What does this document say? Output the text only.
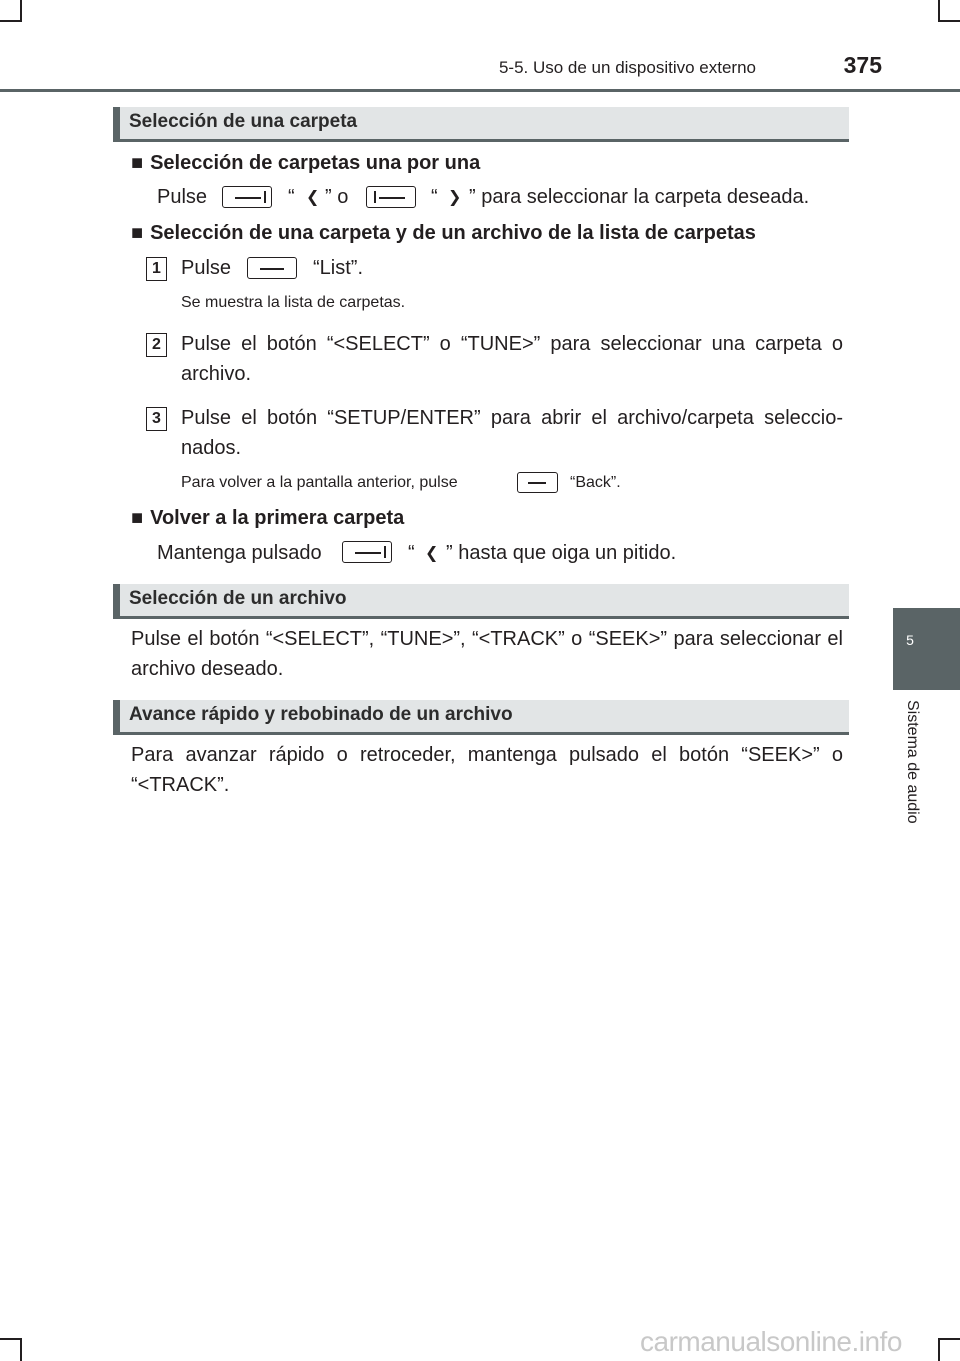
5-5. Uso de un dispositivo externo	375
5
Sistema de audio
Selección de una carpeta
■ Selección de carpetas una por una
Pulse	“ ❮ ” o	“ ❯ ” para seleccionar la carpeta deseada.
■ Selección de una carpeta y de un archivo de la lista de carpetas
1	Pulse	“List”.
Se muestra la lista de carpetas.
2	Pulse el botón “<SELECT” o “TUNE>” para seleccionar una carpeta o archivo.
3	Pulse el botón “SETUP/ENTER” para abrir el archivo/carpeta seleccio-nados.
Para volver a la pantalla anterior, pulse	“Back”.
■ Volver a la primera carpeta
Mantenga pulsado	“ ❮ ” hasta que oiga un pitido.
Selección de un archivo
Pulse el botón “<SELECT”, “TUNE>”, “<TRACK” o “SEEK>” para seleccionar el archivo deseado.
Avance rápido y rebobinado de un archivo
Para avanzar rápido o retroceder, mantenga pulsado el botón “SEEK>” o “<TRACK”.
carmanualsonline.info
